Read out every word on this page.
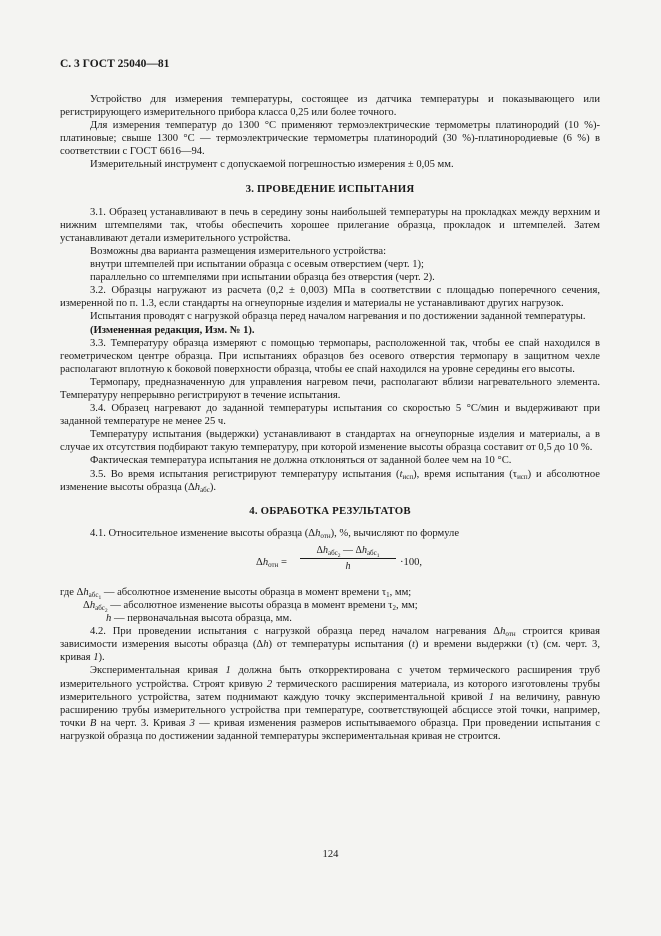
С. 3 ГОСТ 25040—81

Устройство для измерения температуры, состоящее из датчика температуры и показывающего или регистрирующего измерительного прибора класса 0,25 или более точного.

Для измерения температур до 1300 °С применяют термоэлектрические термометры платинородий (10 %)-платиновые; свыше 1300 °С — термоэлектрические термометры платинородий (30 %)-платинородиевые (6 %) в соответствии с ГОСТ 6616—94.

Измерительный инструмент с допускаемой погрешностью измерения ± 0,05 мм.

3. ПРОВЕДЕНИЕ ИСПЫТАНИЯ

3.1. Образец устанавливают в печь в середину зоны наибольшей температуры на прокладках между верхним и нижним штемпелями так, чтобы обеспечить хорошее прилегание образца, прокладок и штемпелей. Затем устанавливают детали измерительного устройства.

Возможны два варианта размещения измерительного устройства:

внутри штемпелей при испытании образца с осевым отверстием (черт. 1);

параллельно со штемпелями при испытании образца без отверстия (черт. 2).

3.2. Образцы нагружают из расчета (0,2 ± 0,003) МПа в соответствии с площадью поперечного сечения, измеренной по п. 1.3, если стандарты на огнеупорные изделия и материалы не устанавливают других нагрузок.

Испытания проводят с нагрузкой образца перед началом нагревания и по достижении заданной температуры.

(Измененная редакция, Изм. № 1).

3.3. Температуру образца измеряют с помощью термопары, расположенной так, чтобы ее спай находился в геометрическом центре образца. При испытаниях образцов без осевого отверстия термопару в защитном чехле располагают вплотную к боковой поверхности образца, чтобы ее спай находился на уровне середины его высоты.

Термопару, предназначенную для управления нагревом печи, располагают вблизи нагревательного элемента. Температуру непрерывно регистрируют в течение испытания.

3.4. Образец нагревают до заданной температуры испытания со скоростью 5 °С/мин и выдерживают при заданной температуре не менее 25 ч.

Температуру испытания (выдержки) устанавливают в стандартах на огнеупорные изделия и материалы, а в случае их отсутствия подбирают такую температуру, при которой изменение высоты образца составит от 0,5 до 10 %.

Фактическая температура испытания не должна отклоняться от заданной более чем на 10 °С.

3.5. Во время испытания регистрируют температуру испытания $(t_{исп})$, время испытания $(\tau_{исп})$ и абсолютное изменение высоты образца $(\Delta h_{абс})$.

4. ОБРАБОТКА РЕЗУЛЬТАТОВ

4.1. Относительное изменение высоты образца $(\Delta h_{отн})$, %, вычисляют по формуле

$\Delta h_{отн}$ =
$\Delta h_{абс_2}$ — $\Delta h_{абс_1}$
h	·100,

где $\Delta h_{абс_1}$ — абсолютное изменение высоты образца в момент времени $\tau_1$, мм;

$\Delta h_{абс_2}$ — абсолютное изменение высоты образца в момент времени $\tau_2$, мм;

h — первоначальная высота образца, мм.

4.2. При проведении испытания с нагрузкой образца перед началом нагревания $\Delta h_{отн}$ строится кривая зависимости измерения высоты образца (Δh) от температуры испытания (t) и времени выдержки (τ) (см. черт. 3, кривая 1).

Экспериментальная кривая 1 должна быть откорректирована с учетом термического расширения труб измерительного устройства. Строят кривую 2 термического расширения материала, из которого изготовлены трубы измерительного устройства, затем поднимают каждую точку экспериментальной кривой 1 на величину, равную расширению трубы измерительного устройства при температуре, соответствующей абсциссе этой точки, например, точки В на черт. 3. Кривая 3 — кривая изменения размеров испытываемого образца. При проведении испытания с нагрузкой образца по достижении заданной температуры экспериментальная кривая не строится.

124
